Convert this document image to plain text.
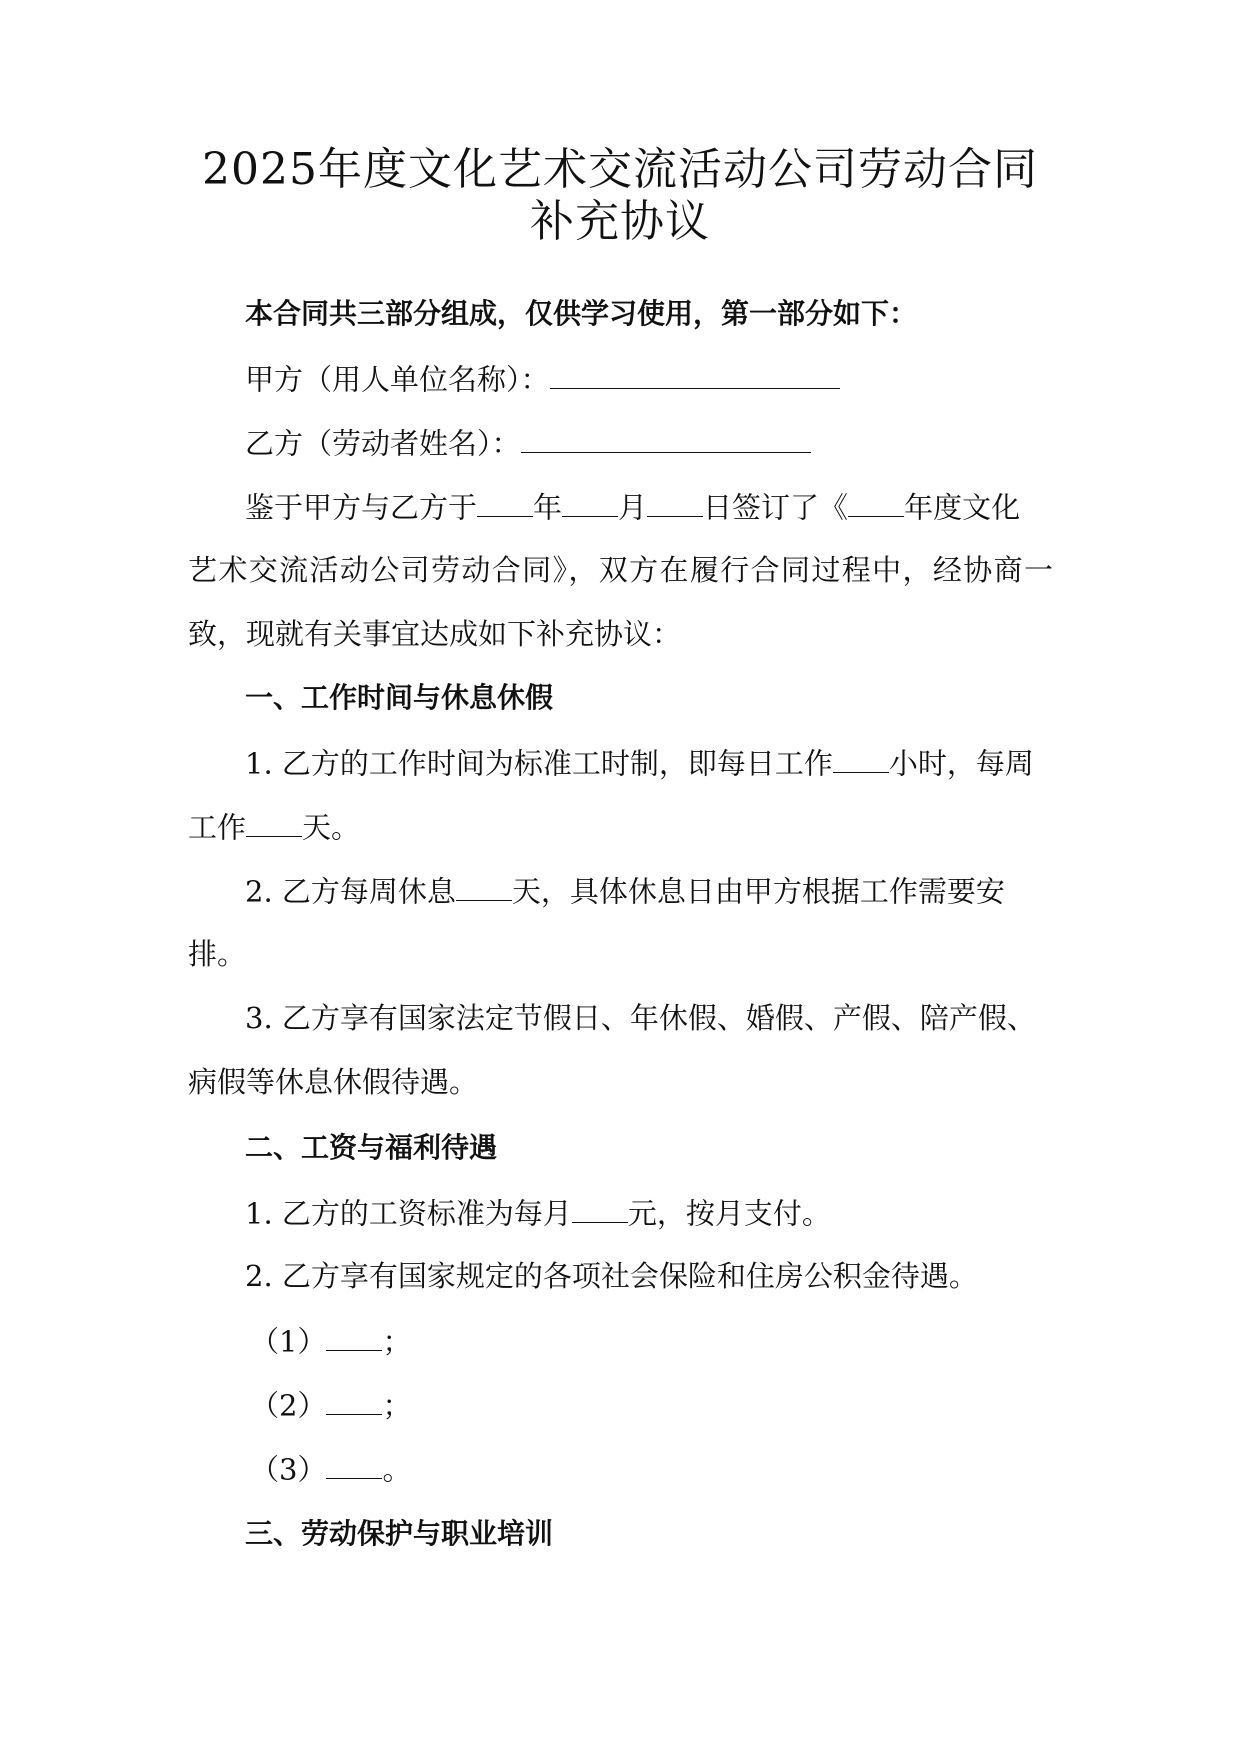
2025年度文化艺术交流活动公司劳动合同
补充协议

本合同共三部分组成，仅供学习使用，第一部分如下：

甲方（用人单位名称）：

乙方（劳动者姓名）：

鉴于甲方与乙方于 年 月 日签订了《 年度文化

艺术交流活动公司劳动合同》，双方在履行合同过程中，经协商一

致，现就有关事宜达成如下补充协议：

一、工作时间与休息休假

1. 乙方的工作时间为标准工时制，即每日工作 小时，每周

工作 天。

2. 乙方每周休息 天，具体休息日由甲方根据工作需要安

排。

3. 乙方享有国家法定节假日、年休假、婚假、产假、陪产假、

病假等休息休假待遇。

二、工资与福利待遇

1. 乙方的工资标准为每月 元，按月支付。

2. 乙方享有国家规定的各项社会保险和住房公积金待遇。

（1） ；

（2） ；

（3） 。

三、劳动保护与职业培训
